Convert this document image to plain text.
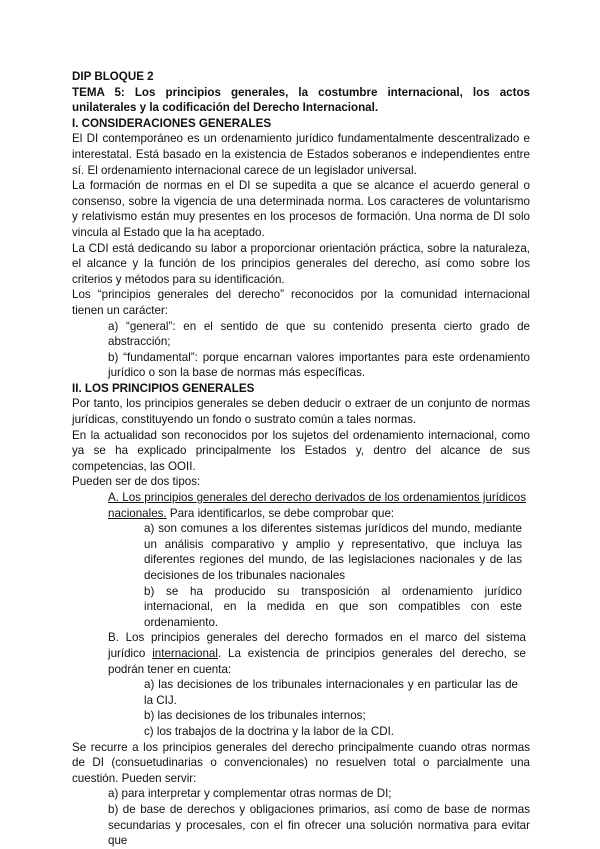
DIP BLOQUE 2

TEMA 5: Los principios generales, la costumbre internacional, los actos unilaterales y la codificación del Derecho Internacional.

I. CONSIDERACIONES GENERALES

El DI contemporáneo es un ordenamiento jurídico fundamentalmente descentralizado e interestatal. Está basado en la existencia de Estados soberanos e independientes entre sí. El ordenamiento internacional carece de un legislador universal.

La formación de normas en el DI se supedita a que se alcance el acuerdo general o consenso, sobre la vigencia de una determinada norma. Los caracteres de voluntarismo y relativismo están muy presentes en los procesos de formación. Una norma de DI solo vincula al Estado que la ha aceptado.

La CDI está dedicando su labor a proporcionar orientación práctica, sobre la naturaleza, el alcance y la función de los principios generales del derecho, así como sobre los criterios y métodos para su identificación.

Los “principios generales del derecho” reconocidos por la comunidad internacional tienen un carácter:

a) “general”: en el sentido de que su contenido presenta cierto grado de abstracción;

b) “fundamental”: porque encarnan valores importantes para este ordenamiento jurídico o son la base de normas más específicas.

II. LOS PRINCIPIOS GENERALES

Por tanto, los principios generales se deben deducir o extraer de un conjunto de normas jurídicas, constituyendo un fondo o sustrato común a tales normas.

En la actualidad son reconocidos por los sujetos del ordenamiento internacional, como ya se ha explicado principalmente los Estados y, dentro del alcance de sus competencias, las OOII.

Pueden ser de dos tipos:

A. Los principios generales del derecho derivados de los ordenamientos jurídicos nacionales. Para identificarlos, se debe comprobar que:

a) son comunes a los diferentes sistemas jurídicos del mundo, mediante un análisis comparativo y amplio y representativo, que incluya las diferentes regiones del mundo, de las legislaciones nacionales y de las decisiones de los tribunales nacionales

b) se ha producido su transposición al ordenamiento jurídico internacional, en la medida en que son compatibles con este ordenamiento.

B. Los principios generales del derecho formados en el marco del sistema jurídico internacional. La existencia de principios generales del derecho, se podrán tener en cuenta:

a) las decisiones de los tribunales internacionales y en particular las de la CIJ.

b) las decisiones de los tribunales internos;

c) los trabajos de la doctrina y la labor de la CDI.

Se recurre a los principios generales del derecho principalmente cuando otras normas de DI (consuetudinarias o convencionales) no resuelven total o parcialmente una cuestión. Pueden servir:

a) para interpretar y complementar otras normas de DI;

b) de base de derechos y obligaciones primarios, así como de base de normas secundarias y procesales, con el fin ofrecer una solución normativa para evitar que
